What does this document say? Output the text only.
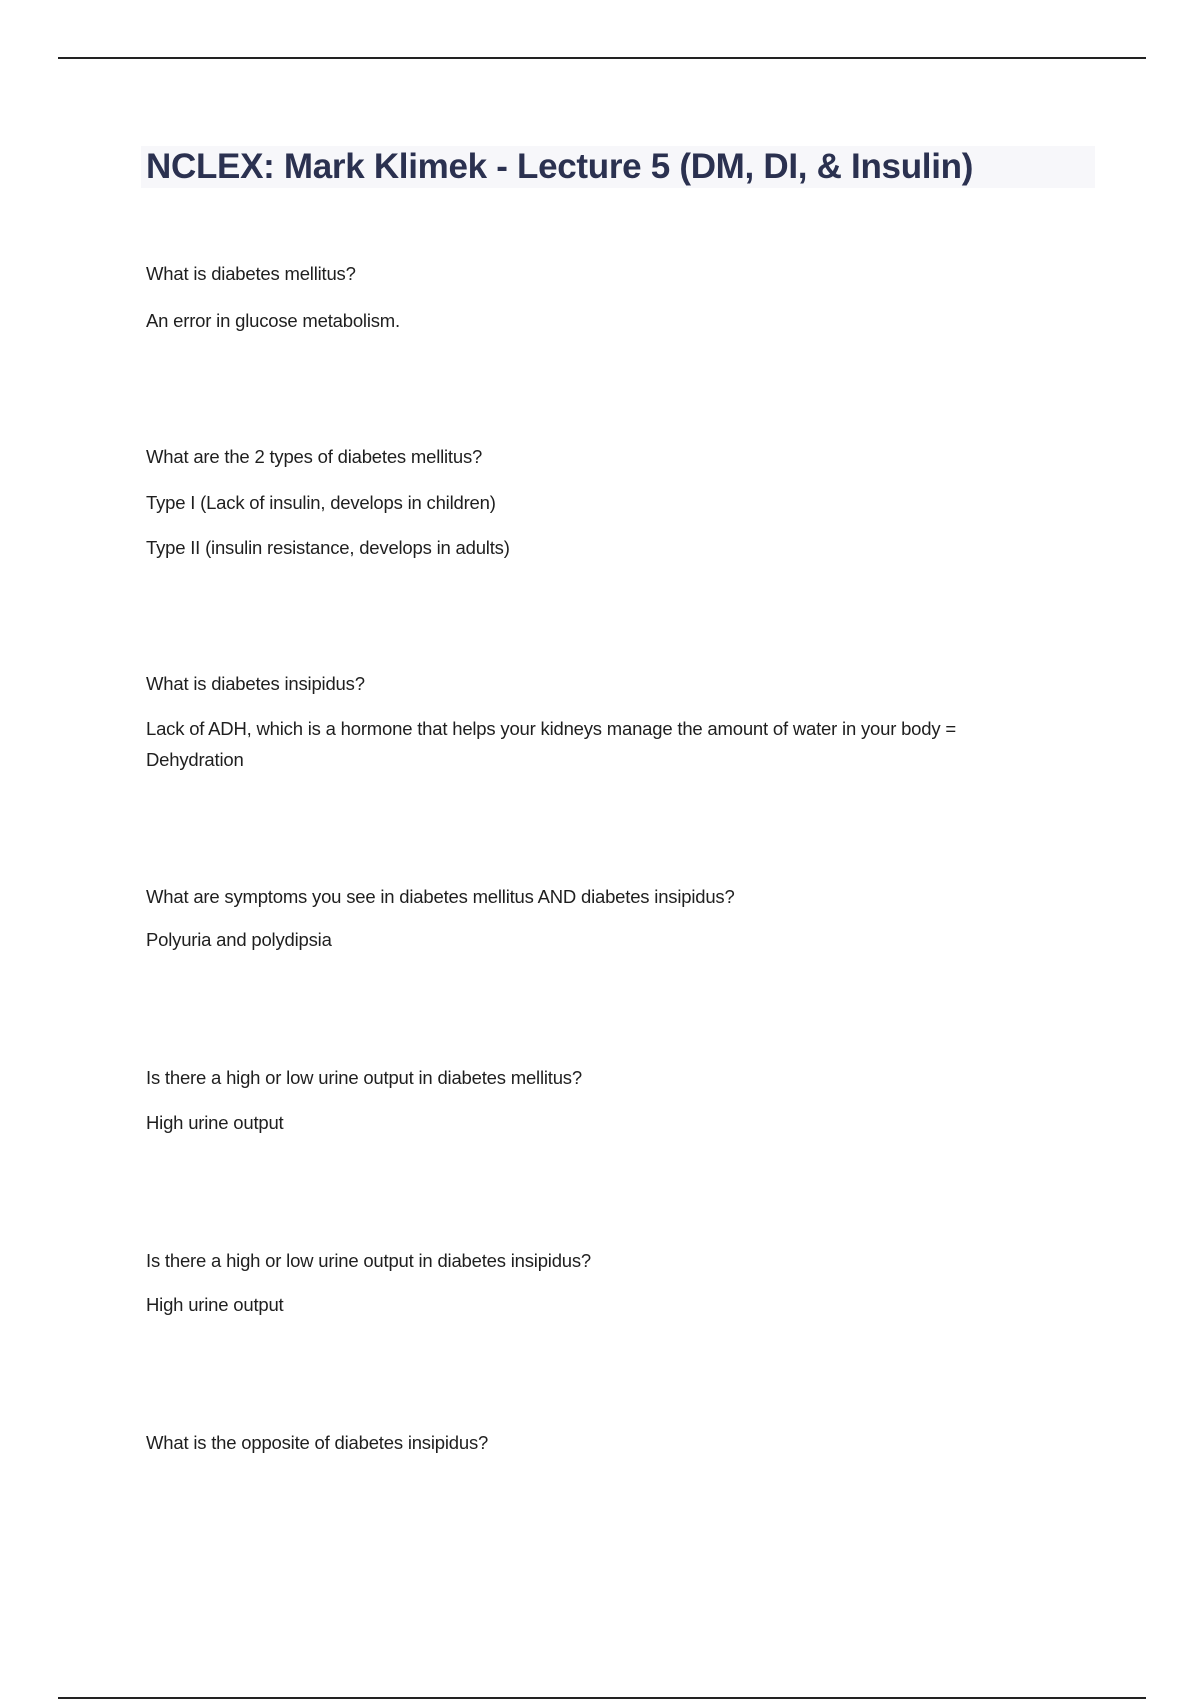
NCLEX: Mark Klimek - Lecture 5 (DM, DI, & Insulin)
What is diabetes mellitus?
An error in glucose metabolism.
What are the 2 types of diabetes mellitus?
Type I (Lack of insulin, develops in children)
Type II (insulin resistance, develops in adults)
What is diabetes insipidus?
Lack of ADH, which is a hormone that helps your kidneys manage the amount of water in your body =
Dehydration
What are symptoms you see in diabetes mellitus AND diabetes insipidus?
Polyuria and polydipsia
Is there a high or low urine output in diabetes mellitus?
High urine output
Is there a high or low urine output in diabetes insipidus?
High urine output
What is the opposite of diabetes insipidus?
